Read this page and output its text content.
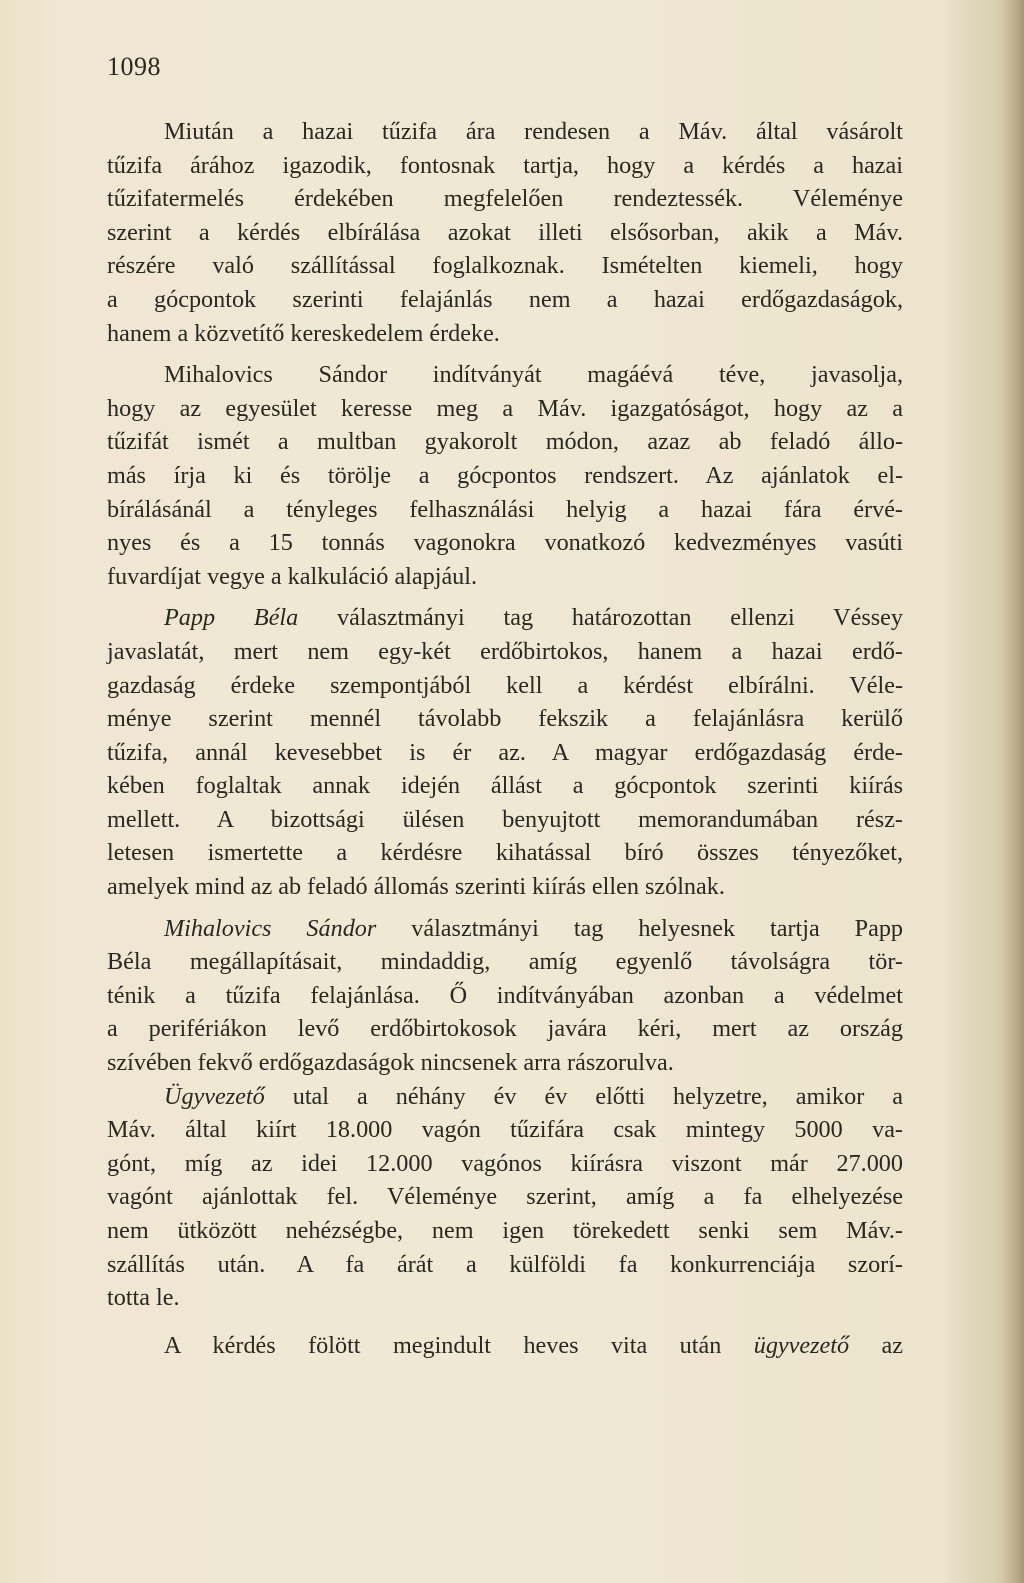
1098
Miután a hazai tűzifa ára rendesen a Máv. által vásárolt
tűzifa árához igazodik, fontosnak tartja, hogy a kérdés a hazai
tűzifatermelés érdekében megfelelően rendeztessék. Véleménye
szerint a kérdés elbírálása azokat illeti elsősorban, akik a Máv.
részére való szállítással foglalkoznak. Ismételten kiemeli, hogy
a gócpontok szerinti felajánlás nem a hazai erdőgazdaságok,
hanem a közvetítő kereskedelem érdeke.
Mihalovics Sándor indítványát magáévá téve, javasolja,
hogy az egyesület keresse meg a Máv. igazgatóságot, hogy az a
tűzifát ismét a multban gyakorolt módon, azaz ab feladó állo-
más írja ki és törölje a gócpontos rendszert. Az ajánlatok el-
bírálásánál a tényleges felhasználási helyig a hazai fára érvé-
nyes és a 15 tonnás vagonokra vonatkozó kedvezményes vasúti
fuvardíjat vegye a kalkuláció alapjául.
Papp Béla választmányi tag határozottan ellenzi Véssey
javaslatát, mert nem egy-két erdőbirtokos, hanem a hazai erdő-
gazdaság érdeke szempontjából kell a kérdést elbírálni. Véle-
ménye szerint mennél távolabb fekszik a felajánlásra kerülő
tűzifa, annál kevesebbet is ér az. A magyar erdőgazdaság érde-
kében foglaltak annak idején állást a gócpontok szerinti kiírás
mellett. A bizottsági ülésen benyujtott memorandumában rész-
letesen ismertette a kérdésre kihatással bíró összes tényezőket,
amelyek mind az ab feladó állomás szerinti kiírás ellen szólnak.
Mihalovics Sándor választmányi tag helyesnek tartja Papp
Béla megállapításait, mindaddig, amíg egyenlő távolságra tör-
ténik a tűzifa felajánlása. Ő indítványában azonban a védelmet
a perifériákon levő erdőbirtokosok javára kéri, mert az ország
szívében fekvő erdőgazdaságok nincsenek arra rászorulva.
Ügyvezető utal a néhány év év előtti helyzetre, amikor a
Máv. által kiírt 18.000 vagón tűzifára csak mintegy 5000 va-
gónt, míg az idei 12.000 vagónos kiírásra viszont már 27.000
vagónt ajánlottak fel. Véleménye szerint, amíg a fa elhelyezése
nem ütközött nehézségbe, nem igen törekedett senki sem Máv.-
szállítás után. A fa árát a külföldi fa konkurrenciája szorí-
totta le.
A kérdés fölött megindult heves vita után ügyvezető az
